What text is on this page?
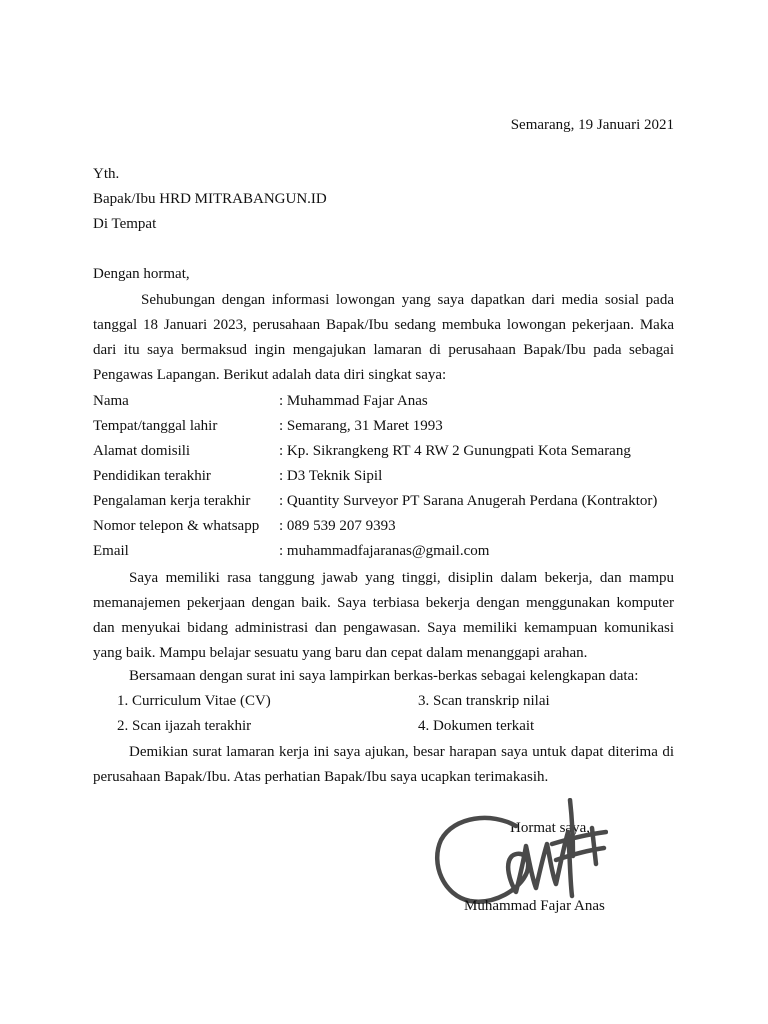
Semarang, 19 Januari 2021
Yth.
Bapak/Ibu HRD MITRABANGUN.ID
Di Tempat
Dengan hormat,
Sehubungan dengan informasi lowongan yang saya dapatkan dari media sosial pada tanggal 18 Januari 2023, perusahaan Bapak/Ibu sedang membuka lowongan pekerjaan. Maka dari itu saya bermaksud ingin mengajukan lamaran di perusahaan Bapak/Ibu pada sebagai Pengawas Lapangan. Berikut adalah data diri singkat saya:
Nama	: Muhammad Fajar Anas
Tempat/tanggal lahir	: Semarang, 31 Maret 1993
Alamat domisili	: Kp. Sikrangkeng RT 4 RW 2 Gunungpati Kota Semarang
Pendidikan terakhir	: D3 Teknik Sipil
Pengalaman kerja terakhir : Quantity Surveyor PT Sarana Anugerah Perdana (Kontraktor)
Nomor telepon & whatsapp : 089 539 207 9393
Email	: muhammadfajaranas@gmail.com
Saya memiliki rasa tanggung jawab yang tinggi, disiplin dalam bekerja, dan mampu memanajemen pekerjaan dengan baik. Saya terbiasa bekerja dengan menggunakan komputer dan menyukai bidang administrasi dan pengawasan. Saya memiliki kemampuan komunikasi yang baik. Mampu belajar sesuatu yang baru dan cepat dalam menanggapi arahan.
Bersamaan dengan surat ini saya lampirkan berkas-berkas sebagai kelengkapan data:
1. Curriculum Vitae (CV)
2. Scan ijazah terakhir
3. Scan transkrip nilai
4. Dokumen terkait
Demikian surat lamaran kerja ini saya ajukan, besar harapan saya untuk dapat diterima di perusahaan Bapak/Ibu. Atas perhatian Bapak/Ibu saya ucapkan terimakasih.
Hormat saya,
Muhammad Fajar Anas
